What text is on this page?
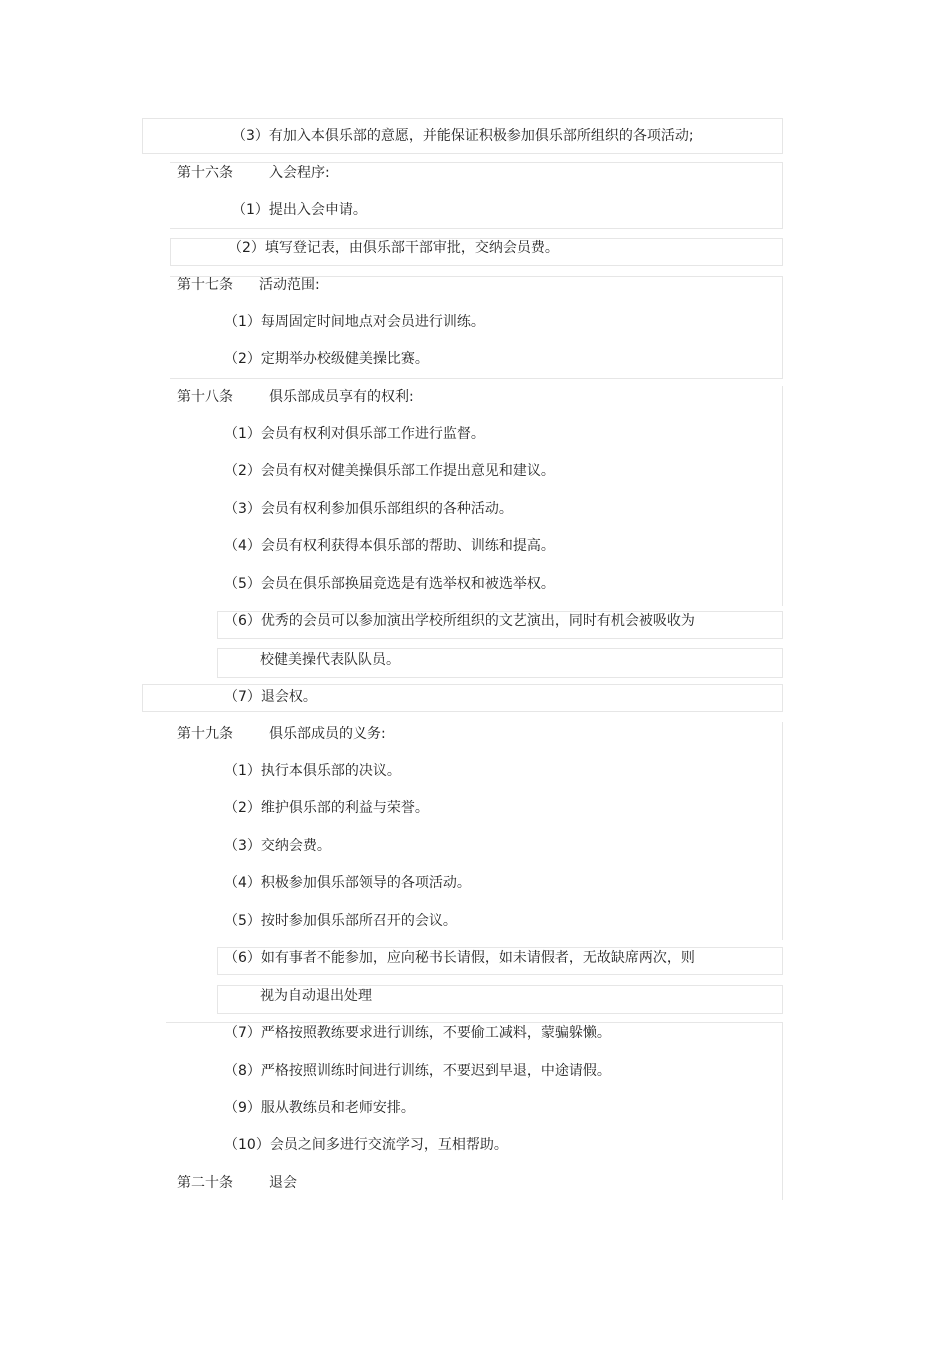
（3）有加入本俱乐部的意愿，并能保证积极参加俱乐部所组织的各项活动;
第十六条	入会程序:
（1）提出入会申请。
（2）填写登记表，由俱乐部干部审批，交纳会员费。
第十七条 活动范围:
（1）每周固定时间地点对会员进行训练。
（2）定期举办校级健美操比赛。
第十八条	俱乐部成员享有的权利:
（1）会员有权利对俱乐部工作进行监督。
（2）会员有权对健美操俱乐部工作提出意见和建议。
（3）会员有权利参加俱乐部组织的各种活动。
（4）会员有权利获得本俱乐部的帮助、训练和提高。
（5）会员在俱乐部换届竞选是有选举权和被选举权。
（6）优秀的会员可以参加演出学校所组织的文艺演出，同时有机会被吸收为
校健美操代表队队员。
（7）退会权。
第十九条	俱乐部成员的义务:
（1）执行本俱乐部的决议。
（2）维护俱乐部的利益与荣誉。
（3）交纳会费。
（4）积极参加俱乐部领导的各项活动。
（5）按时参加俱乐部所召开的会议。
（6）如有事者不能参加，应向秘书长请假，如未请假者，无故缺席两次，则
视为自动退出处理
（7）严格按照教练要求进行训练，不要偷工减料，蒙骗躲懒。
（8）严格按照训练时间进行训练，不要迟到早退，中途请假。
（9）服从教练员和老师安排。
（10）会员之间多进行交流学习，互相帮助。
第二十条	退会
